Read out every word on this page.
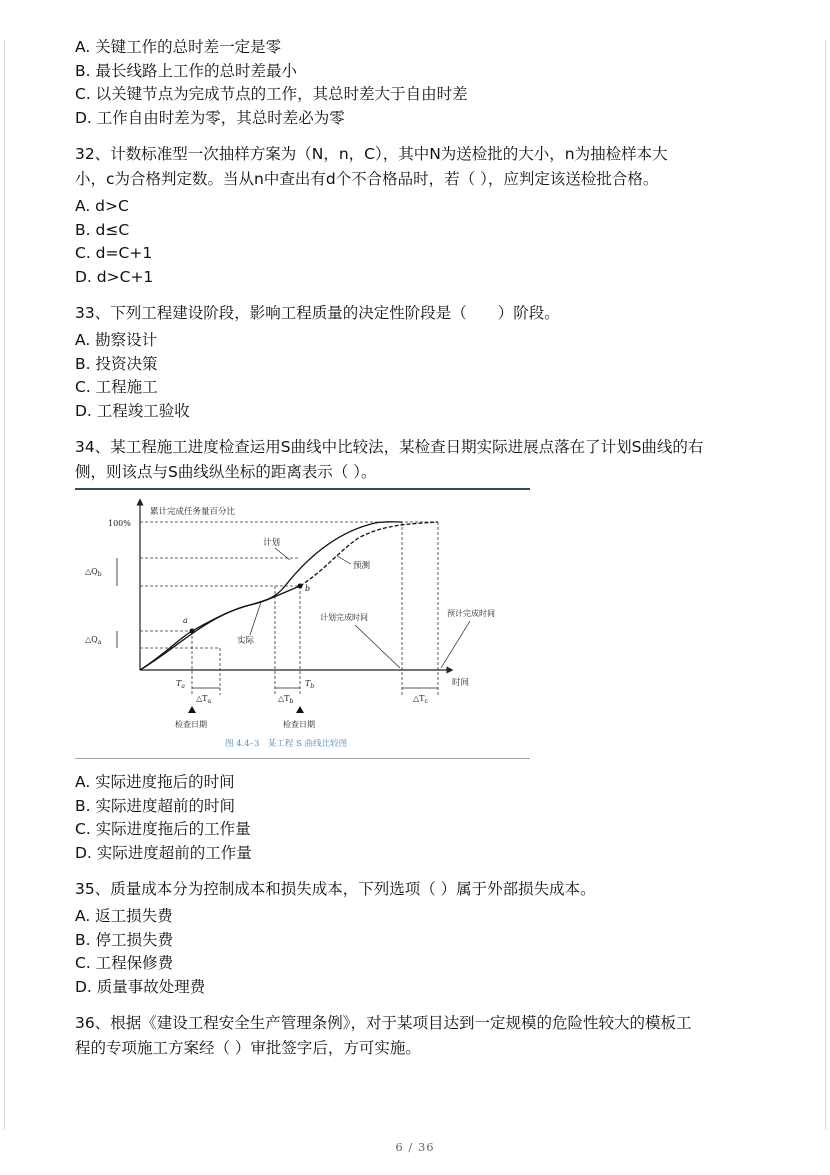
A. 关键工作的总时差一定是零
B. 最长线路上工作的总时差最小
C. 以关键节点为完成节点的工作，其总时差大于自由时差
D. 工作自由时差为零，其总时差必为零
32、计数标准型一次抽样方案为（N，n，C），其中N为送检批的大小，n为抽检样本大
小，c为合格判定数。当从n中查出有d个不合格品时，若（ ），应判定该送检批合格。
A. d>C
B. d≤C
C. d=C+1
D. d>C+1
33、下列工程建设阶段，影响工程质量的决定性阶段是（　　）阶段。
A. 勘察设计
B. 投资决策
C. 工程施工
D. 工程竣工验收
34、某工程施工进度检查运用S曲线中比较法，某检查日期实际进展点落在了计划S曲线的右
侧，则该点与S曲线纵坐标的距离表示（ ）。
累计完成任务量百分比
100%
时间
$\triangle Q_b$
$\triangle Q_a$
a
b
计划
预测
实际
计划完成时间	预计完成时间
$T_a$	$T_b$
$\triangle T_a$	$\triangle T_b$	$\triangle T_c$
检查日期	检查日期
图 4.4–3　某工程 S 曲线比较图
A. 实际进度拖后的时间
B. 实际进度超前的时间
C. 实际进度拖后的工作量
D. 实际进度超前的工作量
35、质量成本分为控制成本和损失成本，下列选项（ ）属于外部损失成本。
A. 返工损失费
B. 停工损失费
C. 工程保修费
D. 质量事故处理费
36、根据《建设工程安全生产管理条例》，对于某项目达到一定规模的危险性较大的模板工
程的专项施工方案经（ ）审批签字后，方可实施。
6 / 36
